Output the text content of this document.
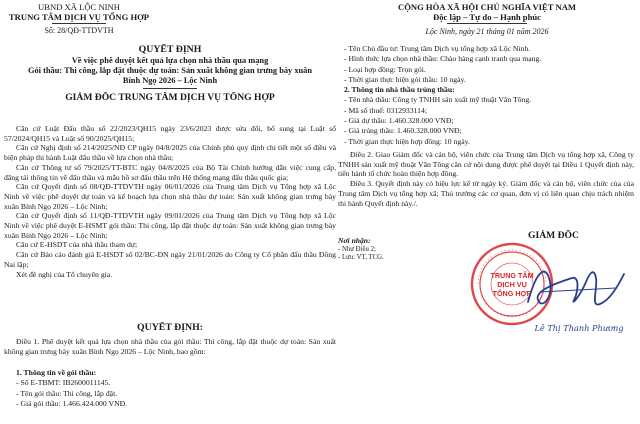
UBND XÃ LỘC NINH
TRUNG TÂM DỊCH VỤ TỔNG HỢP
Số: 28/QĐ-TTDVTH
QUYẾT ĐỊNH
Về việc phê duyệt kết quả lựa chọn nhà thầu qua mạng
Gói thầu: Thi công, lắp đặt thuộc dự toán: Sản xuất không gian trưng bày xuân
Bính Ngọ 2026 – Lộc Ninh
GIÁM ĐỐC TRUNG TÂM DỊCH VỤ TỔNG HỢP

Căn cứ Luật Đấu thầu số 22/2023/QH15 ngày 23/6/2023 được sửa đổi, bổ sung tại Luật số 57/2024/QH15 và Luật số 90/2025/QH15;

Căn cứ Nghị định số 214/2025/NĐ CP ngày 04/8/2025 của Chính phủ quy định chi tiết một số điều và biện pháp thi hành Luật đấu thầu về lựa chọn nhà thầu;

Căn cứ Thông tư số 79/2025/TT-BTC ngày 04/8/2025 của Bộ Tài Chính hướng dẫn việc cung cấp, đăng tải thông tin về đấu thầu và mẫu hồ sơ đấu thầu trên Hệ thống mạng đấu thầu quốc gia;

Căn cứ Quyết định số 08/QĐ-TTDVTH ngày 06/01/2026 của Trung tâm Dịch vụ Tổng hợp xã Lộc Ninh về việc phê duyệt dự toán và kế hoạch lựa chọn nhà thầu dự toán: Sản xuất không gian trưng bày xuân Bính Ngọ 2026 – Lộc Ninh;

Căn cứ Quyết định số 11/QĐ-TTDVTH ngày 09/01/2026 của Trung tâm Dịch vụ Tổng hợp xã Lộc Ninh về việc phê duyệt E-HSMT gói thầu: Thi công, lắp đặt thuộc dự toán: Sản xuất không gian trưng bày xuân Bính Ngọ 2026 – Lộc Ninh;

Căn cứ E-HSDT của nhà thầu tham dự;

Căn cứ Báo cáo đánh giá E-HSDT số 02/BC-ĐN ngày 21/01/2026 do Công ty Cổ phần đấu thầu Đồng Nai lập;

Xét đề nghị của Tổ chuyên gia.

QUYẾT ĐỊNH:

Điều 1. Phê duyệt kết quả lựa chọn nhà thầu của gói thầu: Thi công, lắp đặt thuộc dự toán: Sản xuất không gian trưng bày xuân Bính Ngọ 2026 – Lộc Ninh, bao gồm:

1. Thông tin về gói thầu:
- Số E-TBMT: IB2600011145.
- Tên gói thầu: Thi công, lắp đặt.
- Giá gói thầu: 1.466.424.000 VNĐ.
CỘNG HÒA XÃ HỘI CHỦ NGHĨA VIỆT NAM
Độc lập – Tự do – Hạnh phúc
Lộc Ninh, ngày 21 tháng 01 năm 2026
- Tên Chủ đầu tư: Trung tâm Dịch vụ tổng hợp xã Lộc Ninh.
- Hình thức lựa chọn nhà thầu: Chào hàng cạnh tranh qua mạng.
- Loại hợp đồng: Trọn gói.
- Thời gian thực hiện gói thầu: 10 ngày.
2. Thông tin nhà thầu trúng thầu:
- Tên nhà thầu: Công ty TNHH sản xuất mỹ thuật Văn Tông.
- Mã số thuế: 0312933114;
- Giá dự thầu: 1.460.328.000 VNĐ;
- Giá trúng thầu: 1.460.328.000 VNĐ;
- Thời gian thực hiện hợp đồng: 10 ngày.

Điều 2. Giao Giám đốc và cán bộ, viên chức của Trung tâm Dịch vụ tổng hợp xã, Công ty TNHH sản xuất mỹ thuật Văn Tông căn cứ nội dung được phê duyệt tại Điều 1 Quyết định này, tiến hành tổ chức hoàn thiện hợp đồng.

Điều 3. Quyết định này có hiệu lực kể từ ngày ký. Giám đốc và cán bộ, viên chức của của Trung tâm Dịch vụ tổng hợp xã; Thủ trưởng các cơ quan, đơn vị có liên quan chịu trách nhiệm thi hành Quyết định này./.

Nơi nhận:
- Như Điều 2;
- Lưu: VT, TCG.
GIÁM ĐỐC
TRUNG TÂM
DỊCH VỤ
TỔNG HỢP
Lê Thị Thanh Phương
